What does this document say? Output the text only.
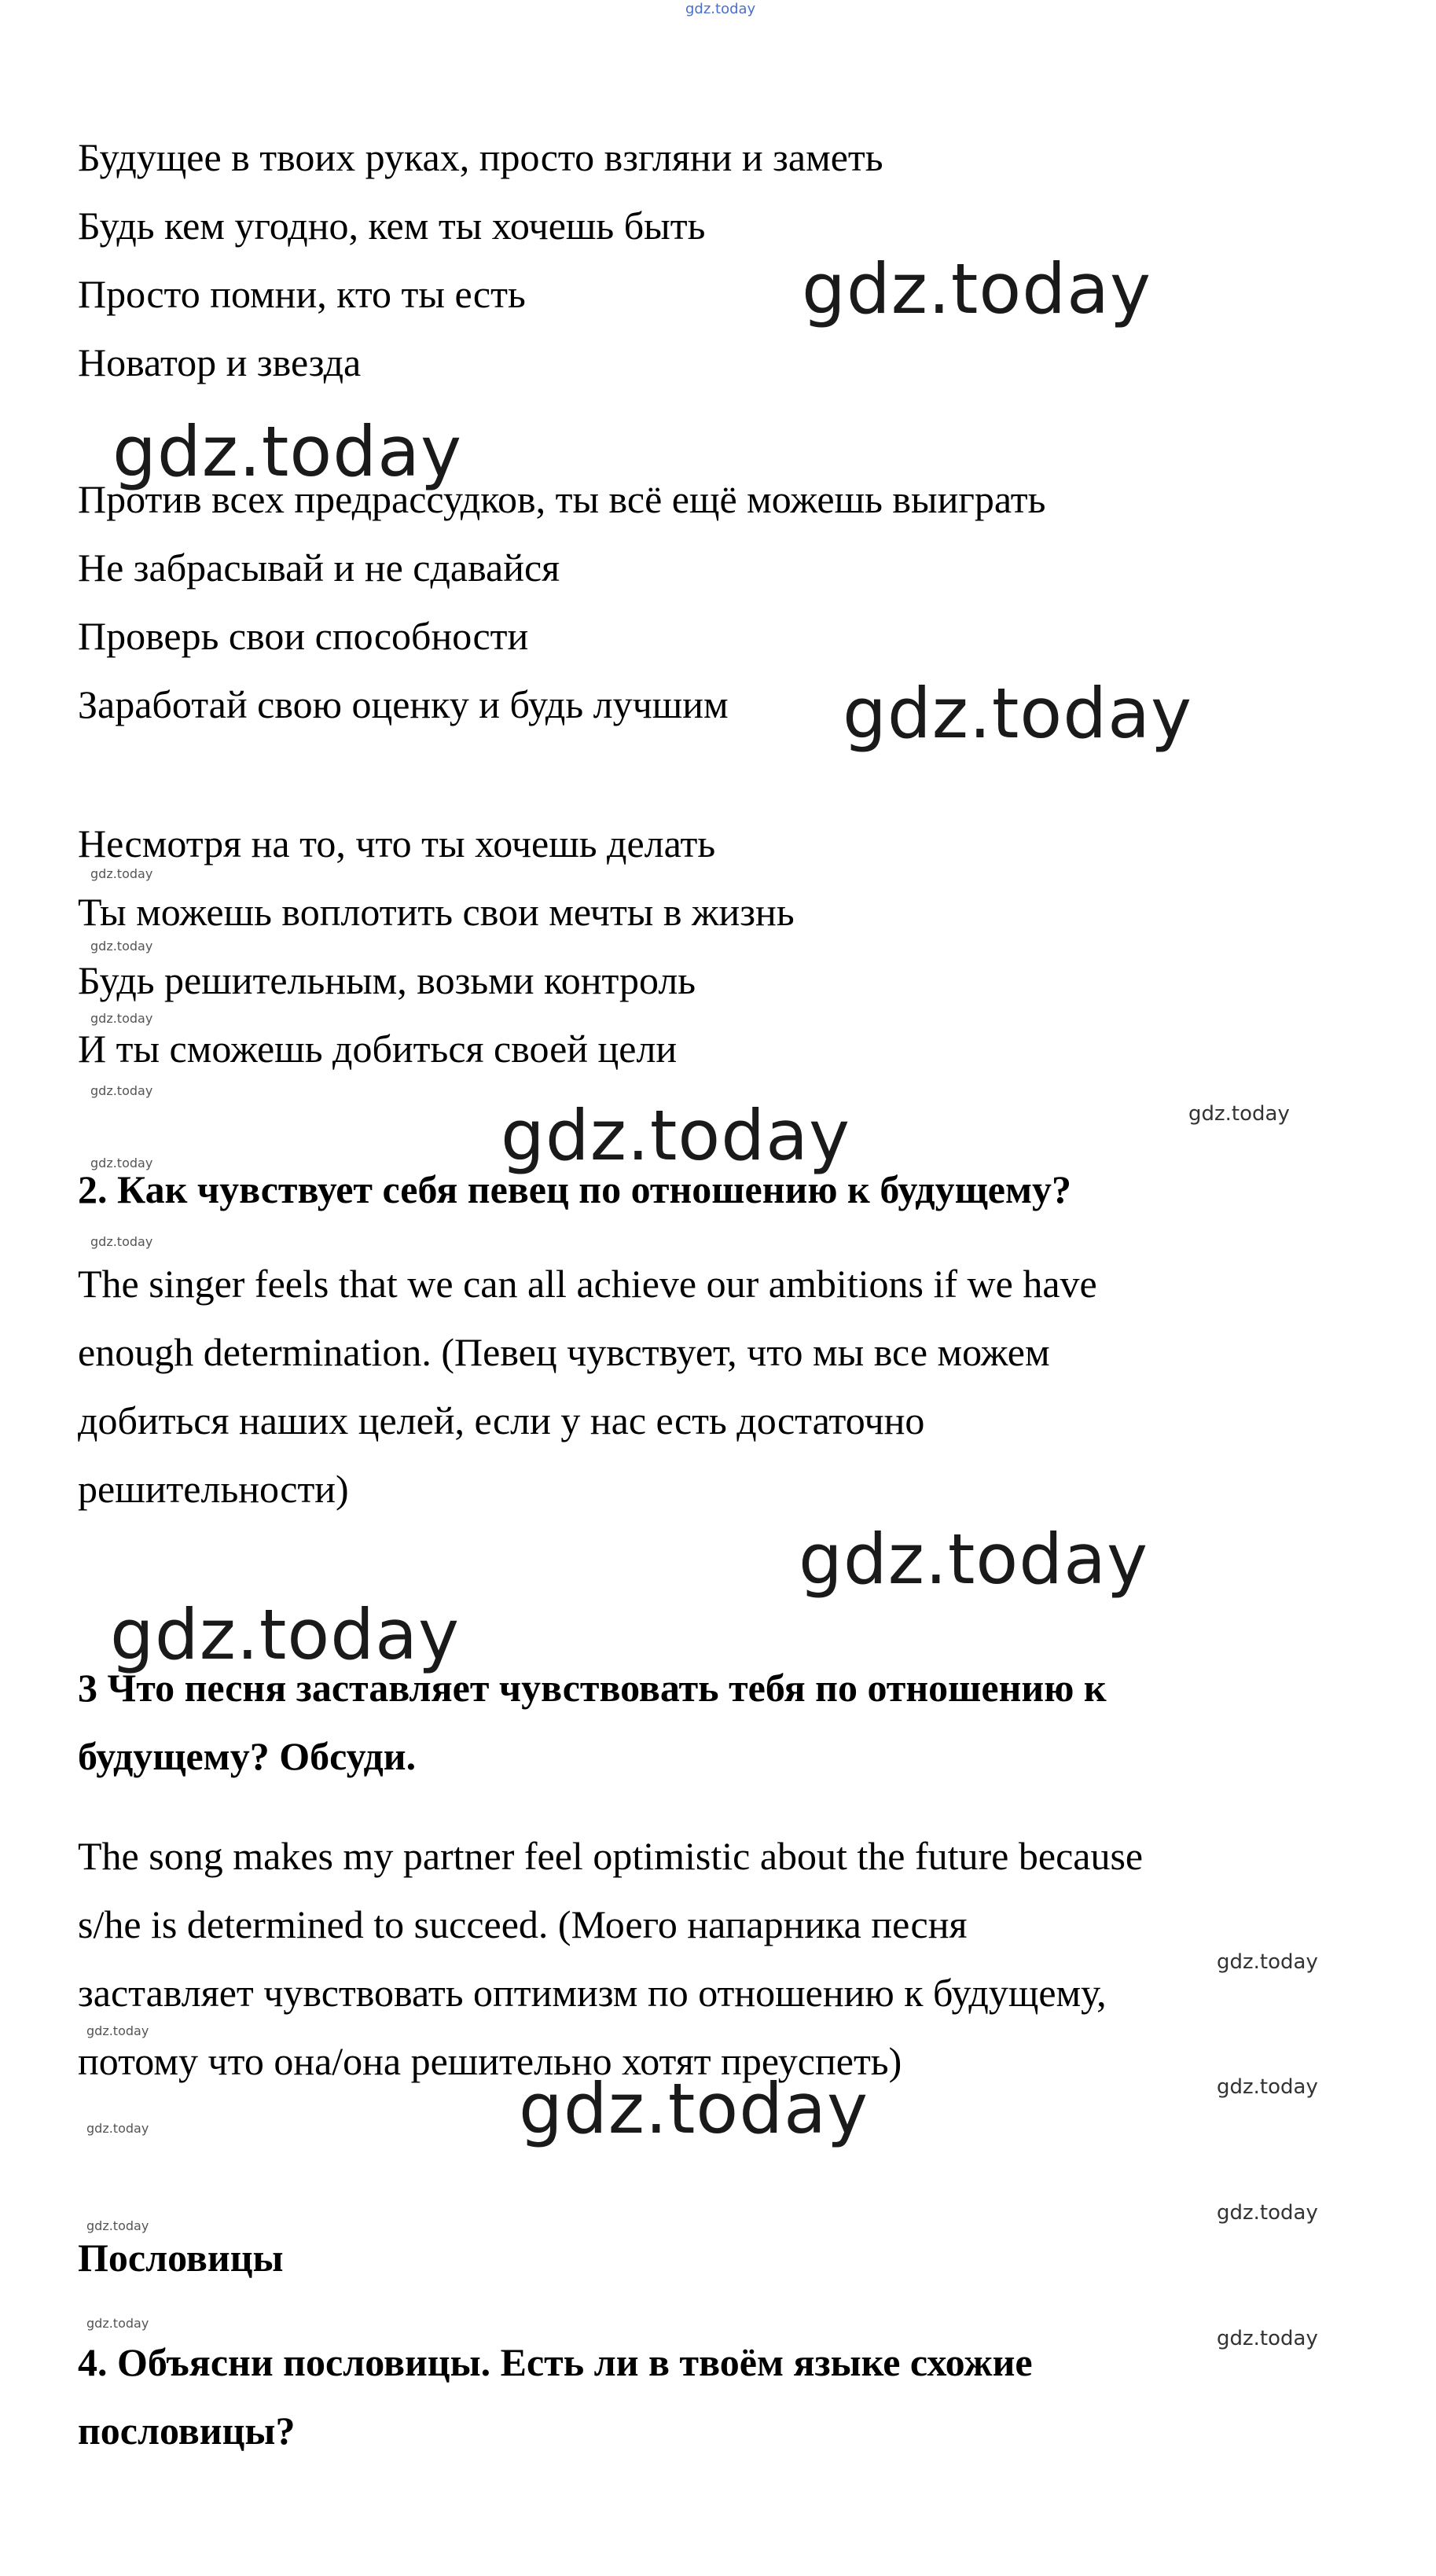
gdz.today

Будущее в твоих руках, просто взгляни и заметь

Будь кем угодно, кем ты хочешь быть

Просто помни, кто ты есть

Новатор и звезда

gdz.today
gdz.today

Против всех предрассудков, ты всё ещё можешь выиграть

Не забрасывай и не сдавайся

Проверь свои способности

Заработай свою оценку и будь лучшим gdz.today

Несмотря на то, что ты хочешь делать

gdz.today

Ты можешь воплотить свои мечты в жизнь

gdz.today

Будь решительным, возьми контроль

gdz.today

И ты сможешь добиться своей цели

gdz.today
gdz.today	gdz.today
gdz.today
2. Как чувствует себя певец по отношению к будущему?
gdz.today

The singer feels that we can all achieve our ambitions if we have

enough determination. (Певец чувствует, что мы все можем

добиться наших целей, если у нас есть достаточно

решительности)

gdz.today
gdz.today
3 Что песня заставляет чувствовать тебя по отношению к
будущему? Обсуди.

The song makes my partner feel optimistic about the future because

s/he is determined to succeed. (Моего напарника песня

gdz.today

заставляет чувствовать оптимизм по отношению к будущему,

gdz.today

потому что она/она решительно хотят преуспеть)

gdz.today
gdz.today
gdz.today
gdz.today
gdz.today
Пословицы
gdz.today
gdz.today
4. Объясни пословицы. Есть ли в твоём языке схожие
пословицы?
